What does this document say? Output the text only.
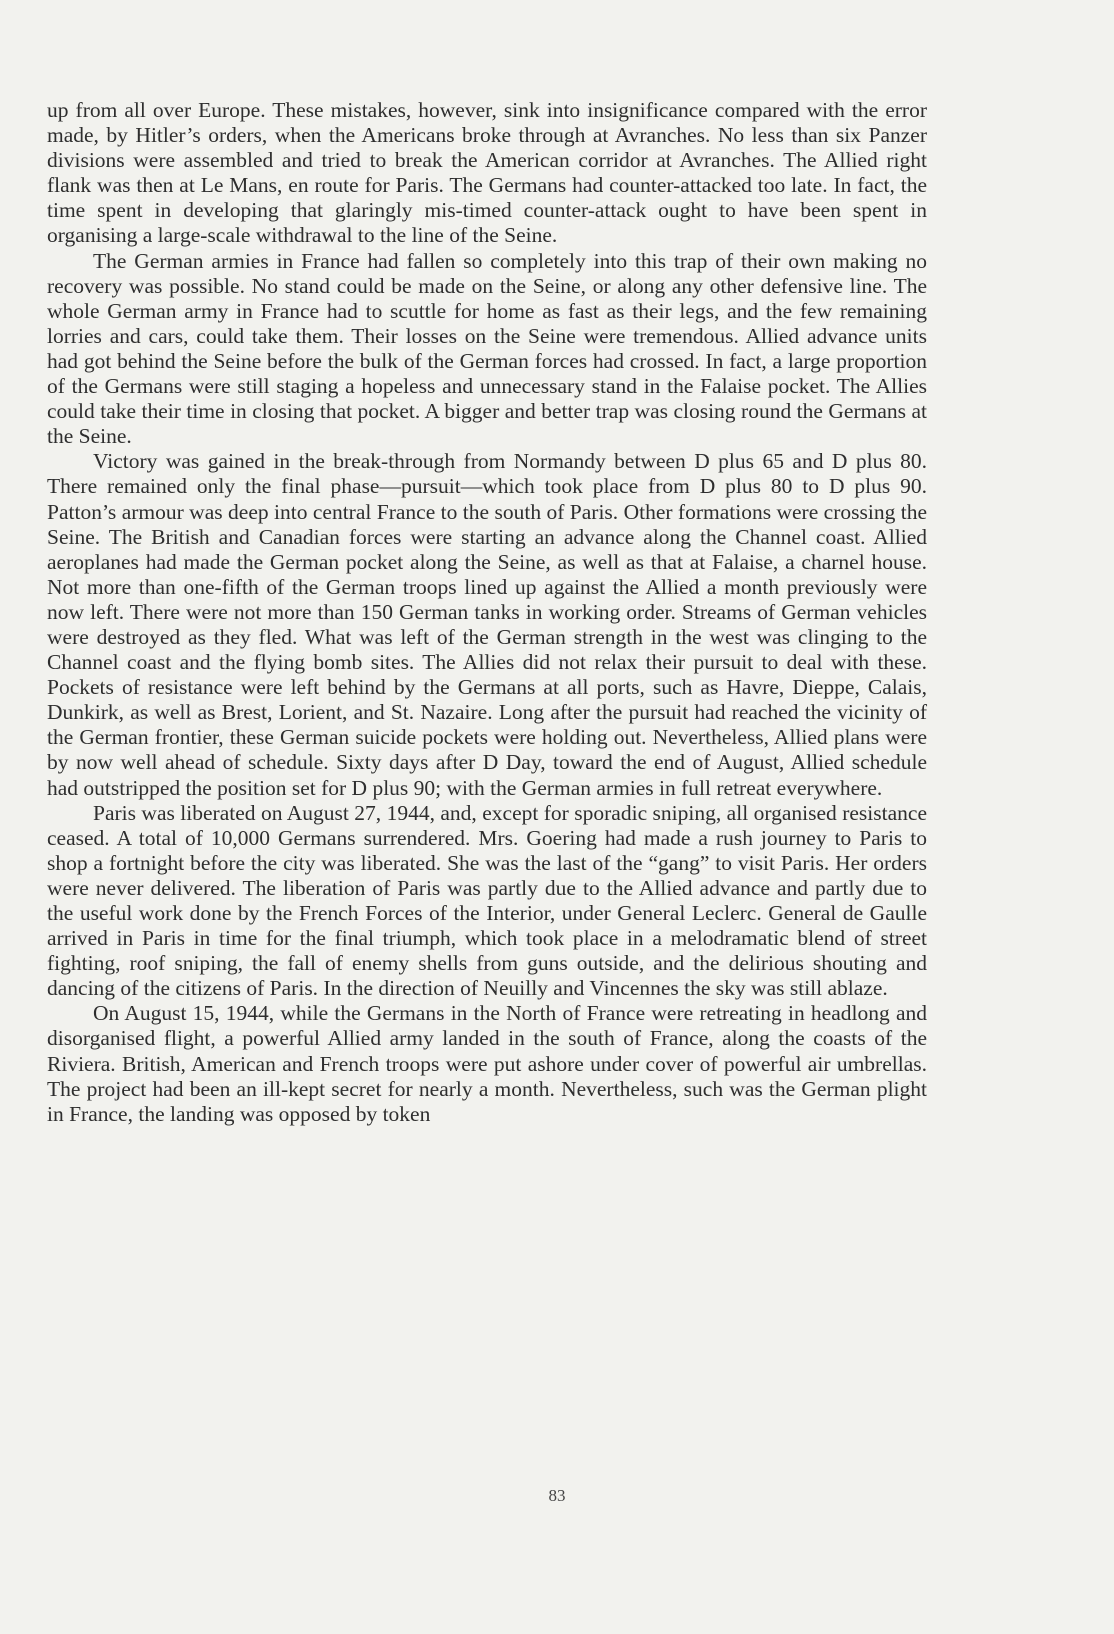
up from all over Europe. These mistakes, however, sink into insignificance compared with the error made, by Hitler’s orders, when the Americans broke through at Avranches. No less than six Panzer divisions were assembled and tried to break the American corridor at Avranches. The Allied right flank was then at Le Mans, en route for Paris. The Germans had counter-attacked too late. In fact, the time spent in developing that glaringly mis-timed counter-attack ought to have been spent in organising a large-scale withdrawal to the line of the Seine.

The German armies in France had fallen so completely into this trap of their own making no recovery was possible. No stand could be made on the Seine, or along any other defensive line. The whole German army in France had to scuttle for home as fast as their legs, and the few remaining lorries and cars, could take them. Their losses on the Seine were tremendous. Allied advance units had got behind the Seine before the bulk of the German forces had crossed. In fact, a large proportion of the Germans were still staging a hopeless and unnecessary stand in the Falaise pocket. The Allies could take their time in closing that pocket. A bigger and better trap was closing round the Germans at the Seine.

Victory was gained in the break-through from Normandy between D plus 65 and D plus 80. There remained only the final phase—pursuit—which took place from D plus 80 to D plus 90. Patton’s armour was deep into central France to the south of Paris. Other formations were crossing the Seine. The British and Canadian forces were starting an advance along the Channel coast. Allied aeroplanes had made the German pocket along the Seine, as well as that at Falaise, a charnel house. Not more than one-fifth of the German troops lined up against the Allied a month previously were now left. There were not more than 150 German tanks in working order. Streams of German vehicles were destroyed as they fled. What was left of the German strength in the west was clinging to the Channel coast and the flying bomb sites. The Allies did not relax their pursuit to deal with these. Pockets of resistance were left behind by the Germans at all ports, such as Havre, Dieppe, Calais, Dunkirk, as well as Brest, Lorient, and St. Nazaire. Long after the pursuit had reached the vicinity of the German frontier, these German suicide pockets were holding out. Nevertheless, Allied plans were by now well ahead of schedule. Sixty days after D Day, toward the end of August, Allied schedule had outstripped the position set for D plus 90; with the German armies in full retreat everywhere.

Paris was liberated on August 27, 1944, and, except for sporadic sniping, all organised resistance ceased. A total of 10,000 Germans surrendered. Mrs. Goering had made a rush journey to Paris to shop a fortnight before the city was liberated. She was the last of the “gang” to visit Paris. Her orders were never delivered. The liberation of Paris was partly due to the Allied advance and partly due to the useful work done by the French Forces of the Interior, under General Leclerc. General de Gaulle arrived in Paris in time for the final triumph, which took place in a melodramatic blend of street fighting, roof sniping, the fall of enemy shells from guns outside, and the delirious shouting and dancing of the citizens of Paris. In the direction of Neuilly and Vincennes the sky was still ablaze.

On August 15, 1944, while the Germans in the North of France were retreating in headlong and disorganised flight, a powerful Allied army landed in the south of France, along the coasts of the Riviera. British, American and French troops were put ashore under cover of powerful air umbrellas. The project had been an ill-kept secret for nearly a month. Nevertheless, such was the German plight in France, the landing was opposed by token

83
